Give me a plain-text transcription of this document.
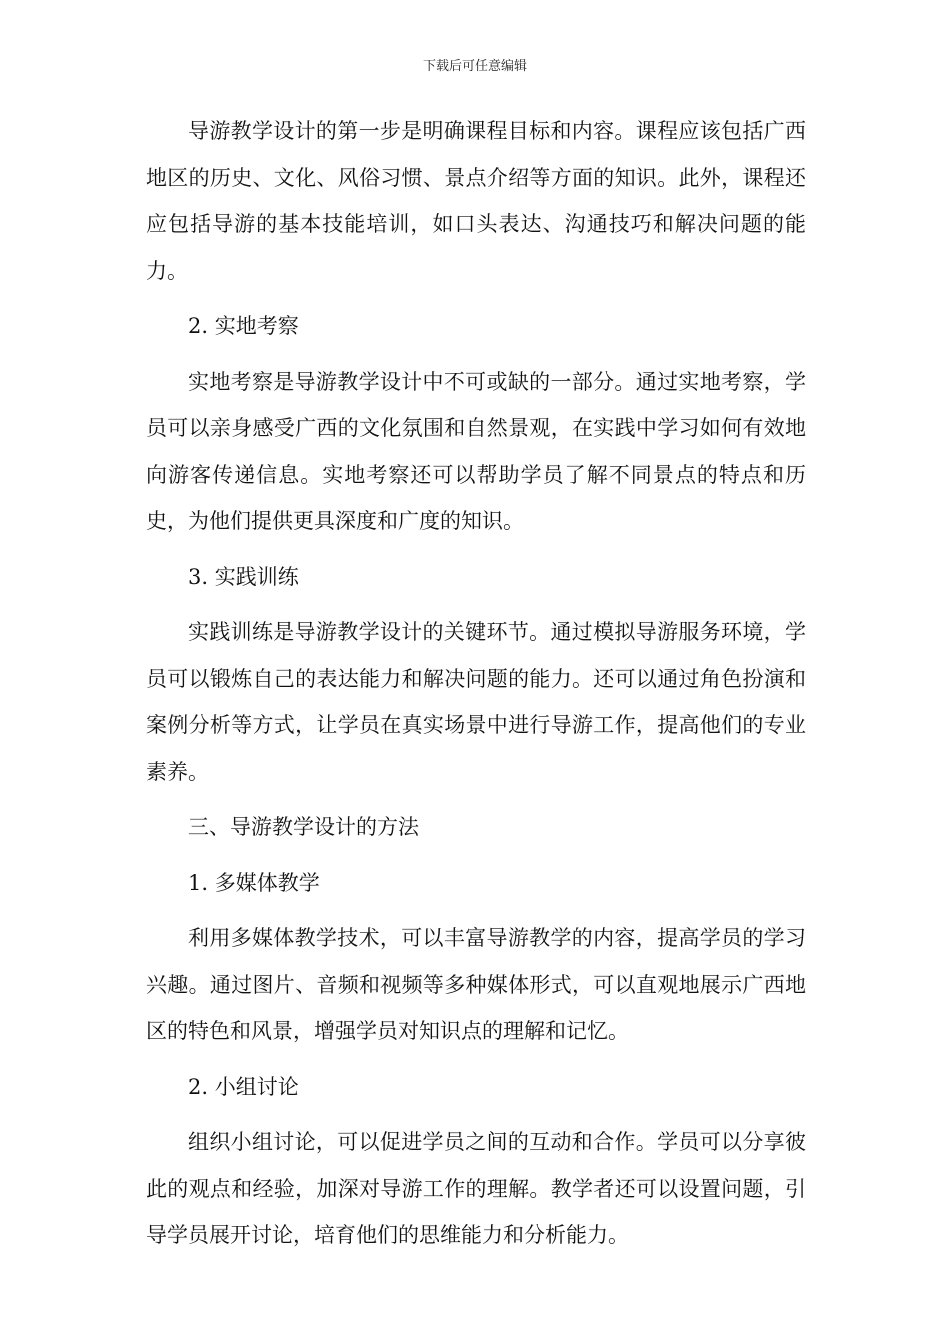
下载后可任意编辑

导游教学设计的第一步是明确课程目标和内容。课程应该包括广西地区的历史、文化、风俗习惯、景点介绍等方面的知识。此外，课程还应包括导游的基本技能培训，如口头表达、沟通技巧和解决问题的能力。

2. 实地考察

实地考察是导游教学设计中不可或缺的一部分。通过实地考察，学员可以亲身感受广西的文化氛围和自然景观，在实践中学习如何有效地向游客传递信息。实地考察还可以帮助学员了解不同景点的特点和历史，为他们提供更具深度和广度的知识。

3. 实践训练

实践训练是导游教学设计的关键环节。通过模拟导游服务环境，学员可以锻炼自己的表达能力和解决问题的能力。还可以通过角色扮演和案例分析等方式，让学员在真实场景中进行导游工作，提高他们的专业素养。

三、导游教学设计的方法

1. 多媒体教学

利用多媒体教学技术，可以丰富导游教学的内容，提高学员的学习兴趣。通过图片、音频和视频等多种媒体形式，可以直观地展示广西地区的特色和风景，增强学员对知识点的理解和记忆。

2. 小组讨论

组织小组讨论，可以促进学员之间的互动和合作。学员可以分享彼此的观点和经验，加深对导游工作的理解。教学者还可以设置问题，引导学员展开讨论，培育他们的思维能力和分析能力。
